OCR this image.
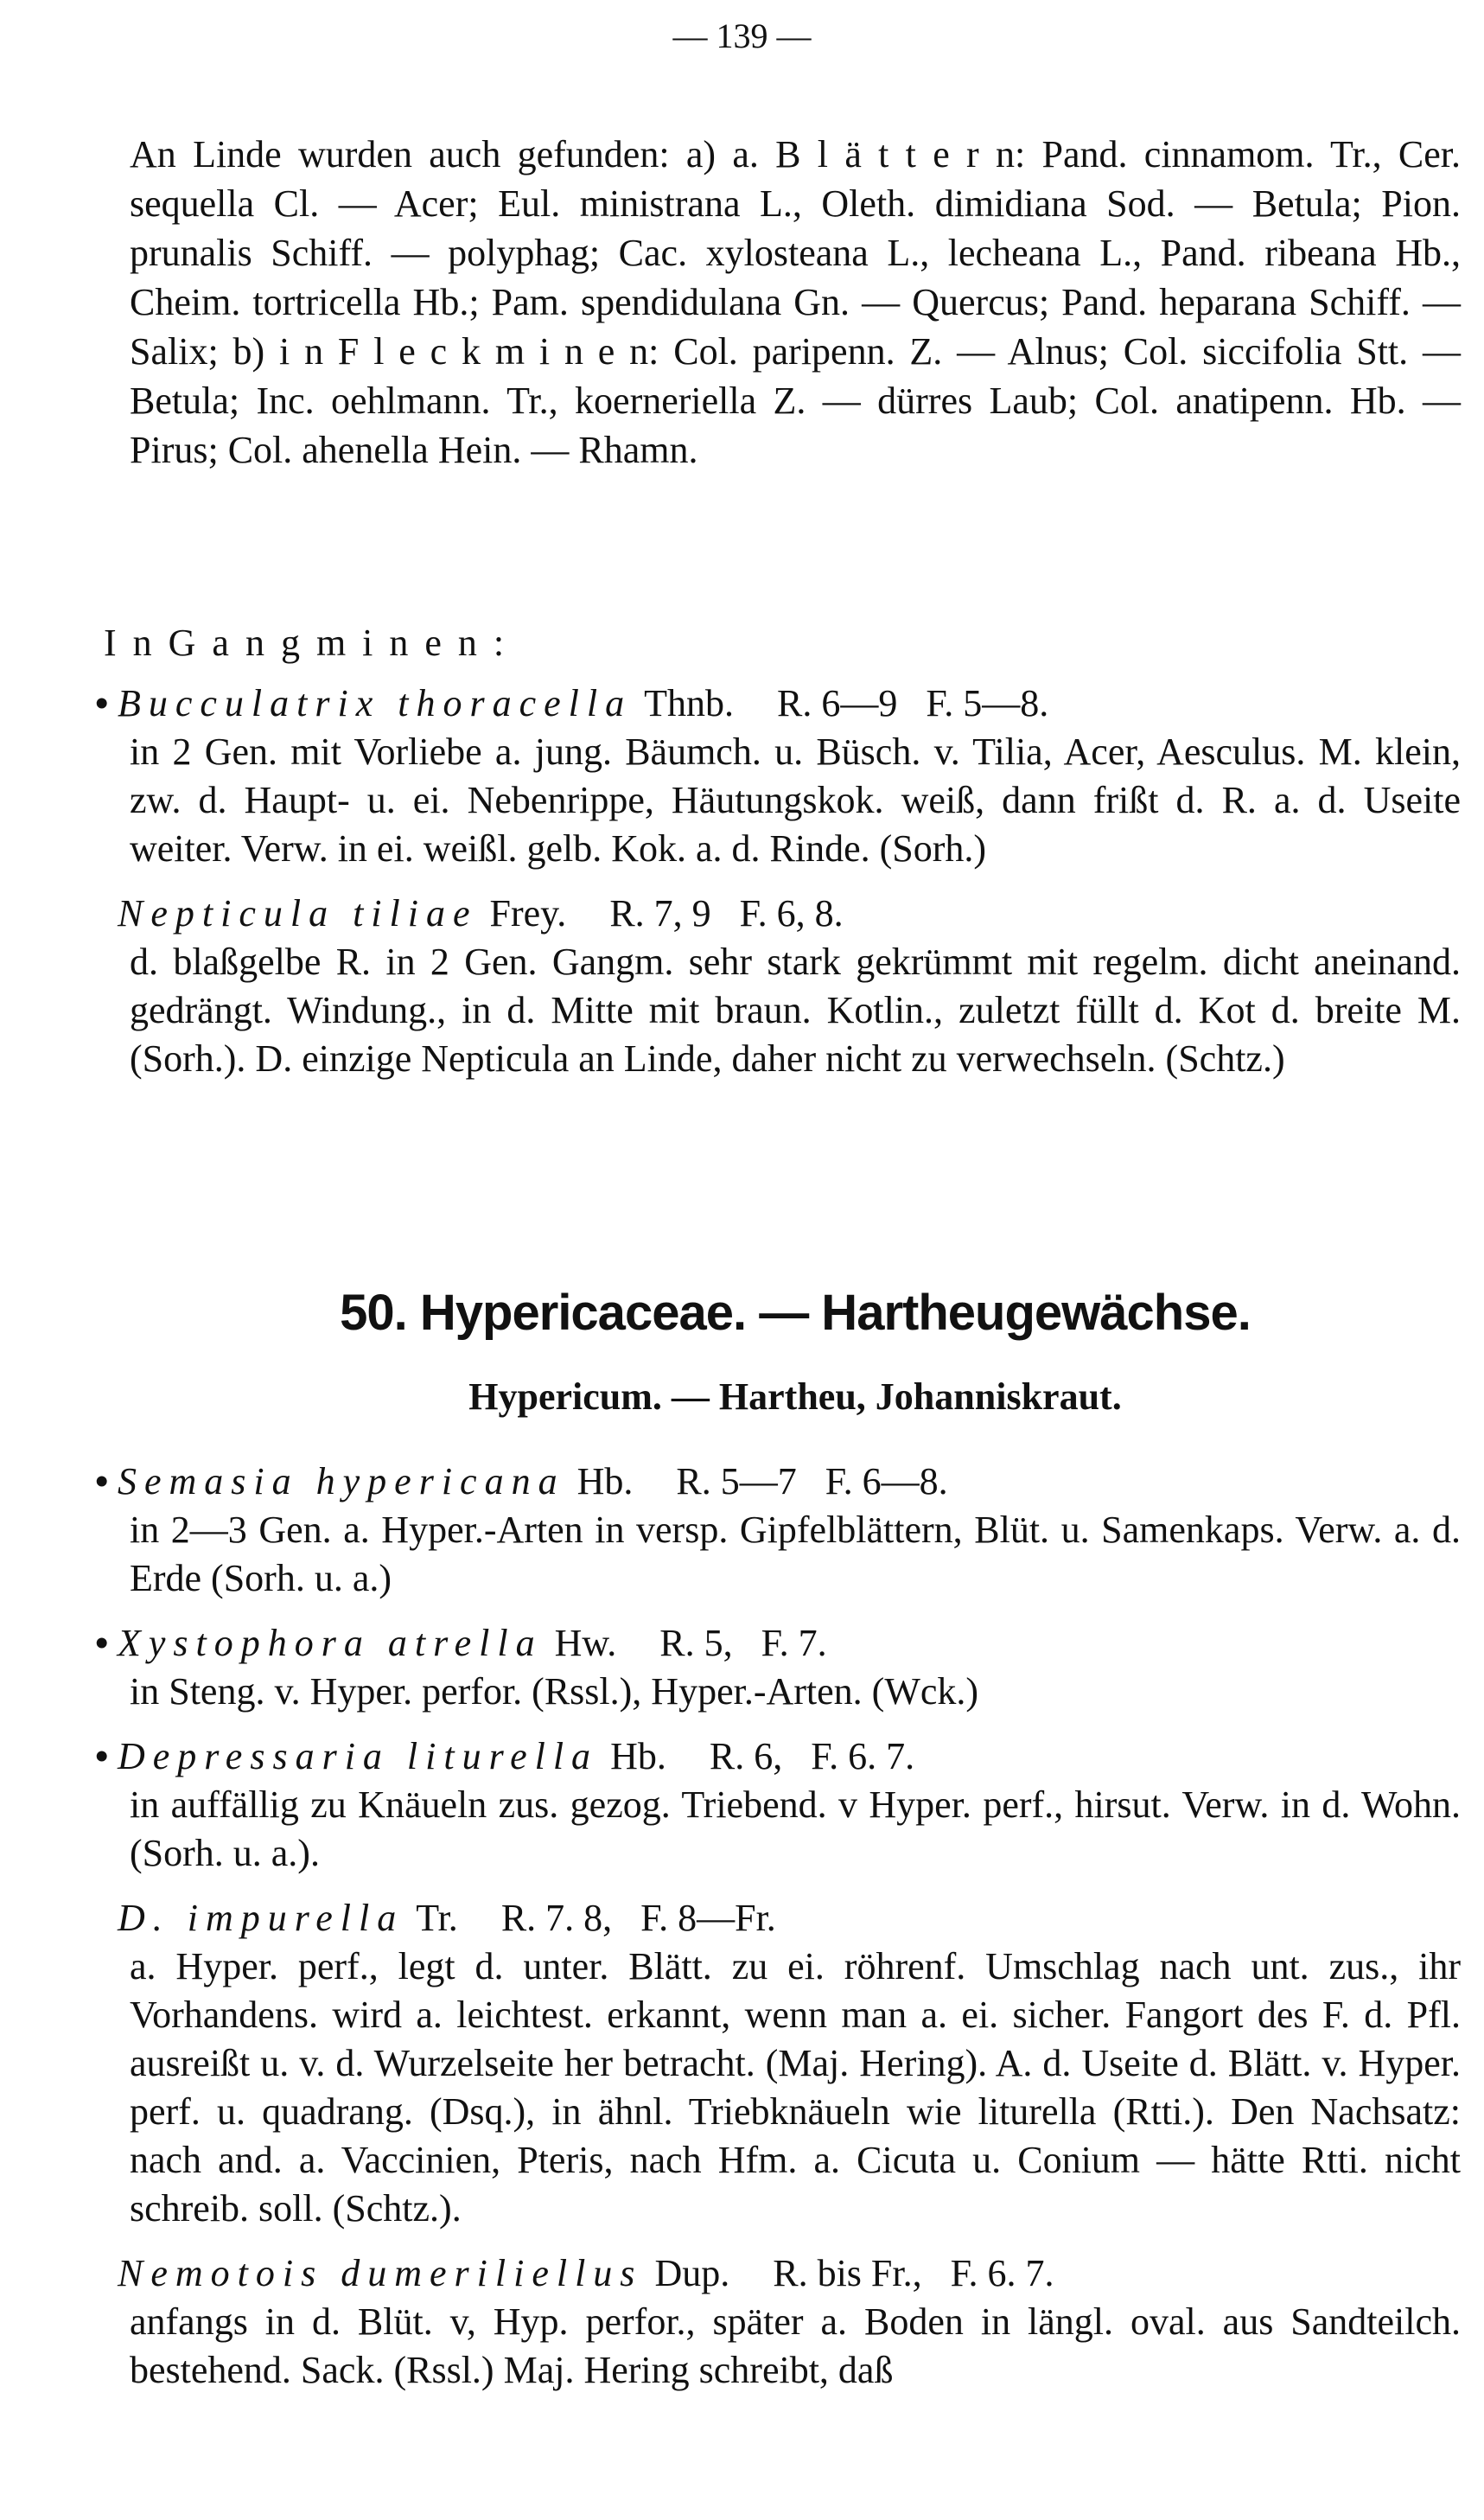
— 139 —

An Linde wurden auch gefunden: a) a. B l ä t t e r n: Pand. cinnamom. Tr., Cer. sequella Cl. — Acer; Eul. ministrana L., Oleth. dimidiana Sod. — Betula; Pion. prunalis Schiff. — polyphag; Cac. xylosteana L., lecheana L., Pand. ribeana Hb., Cheim. tortricella Hb.; Pam. spendidulana Gn. — Quercus; Pand. heparana Schiff. — Salix; b) i n F l e c k m i n e n: Col. paripenn. Z. — Alnus; Col. siccifolia Stt. — Betula; Inc. oehlmann. Tr., koerneriella Z. — dürres Laub; Col. anatipenn. Hb. — Pirus; Col. ahenella Hein. — Rhamn.

I n G a n g m i n e n :
• Bucculatrix thoracella Thnb. R. 6—9   F. 5—8.
in 2 Gen. mit Vorliebe a. jung. Bäumch. u. Büsch. v. Tilia, Acer, Aesculus. M. klein, zw. d. Haupt- u. ei. Nebenrippe, Häutungskok. weiß, dann frißt d. R. a. d. Useite weiter. Verw. in ei. weißl. gelb. Kok. a. d. Rinde. (Sorh.)
Nepticula tiliae Frey. R. 7, 9   F. 6, 8.
d. blaßgelbe R. in 2 Gen. Gangm. sehr stark gekrümmt mit regelm. dicht aneinand. gedrängt. Windung., in d. Mitte mit braun. Kotlin., zuletzt füllt d. Kot d. breite M. (Sorh.). D. einzige Nepticula an Linde, daher nicht zu verwechseln. (Schtz.)

50. Hypericaceae. — Hartheugewächse.

Hypericum. — Hartheu, Johanniskraut.

• Semasia hypericana Hb. R. 5—7   F. 6—8.
in 2—3 Gen. a. Hyper.-Arten in versp. Gipfelblättern, Blüt. u. Samenkaps. Verw. a. d. Erde (Sorh. u. a.)
• Xystophora atrella Hw. R. 5,   F. 7.
in Steng. v. Hyper. perfor. (Rssl.), Hyper.-Arten. (Wck.)
• Depressaria liturella Hb. R. 6,   F. 6. 7.
in auffällig zu Knäueln zus. gezog. Triebend. v Hyper. perf., hirsut. Verw. in d. Wohn. (Sorh. u. a.).
D. impurella Tr. R. 7. 8,   F. 8—Fr.
a. Hyper. perf., legt d. unter. Blätt. zu ei. röhrenf. Umschlag nach unt. zus., ihr Vorhandens. wird a. leichtest. erkannt, wenn man a. ei. sicher. Fangort des F. d. Pfl. ausreißt u. v. d. Wurzelseite her betracht. (Maj. Hering). A. d. Useite d. Blätt. v. Hyper. perf. u. quadrang. (Dsq.), in ähnl. Triebknäueln wie liturella (Rtti.). Den Nachsatz: nach and. a. Vaccinien, Pteris, nach Hfm. a. Cicuta u. Conium — hätte Rtti. nicht schreib. soll. (Schtz.).
Nemotois dumeriliellus Dup. R. bis Fr.,   F. 6. 7.
anfangs in d. Blüt. v, Hyp. perfor., später a. Boden in längl. oval. aus Sandteilch. bestehend. Sack. (Rssl.) Maj. Hering schreibt, daß
